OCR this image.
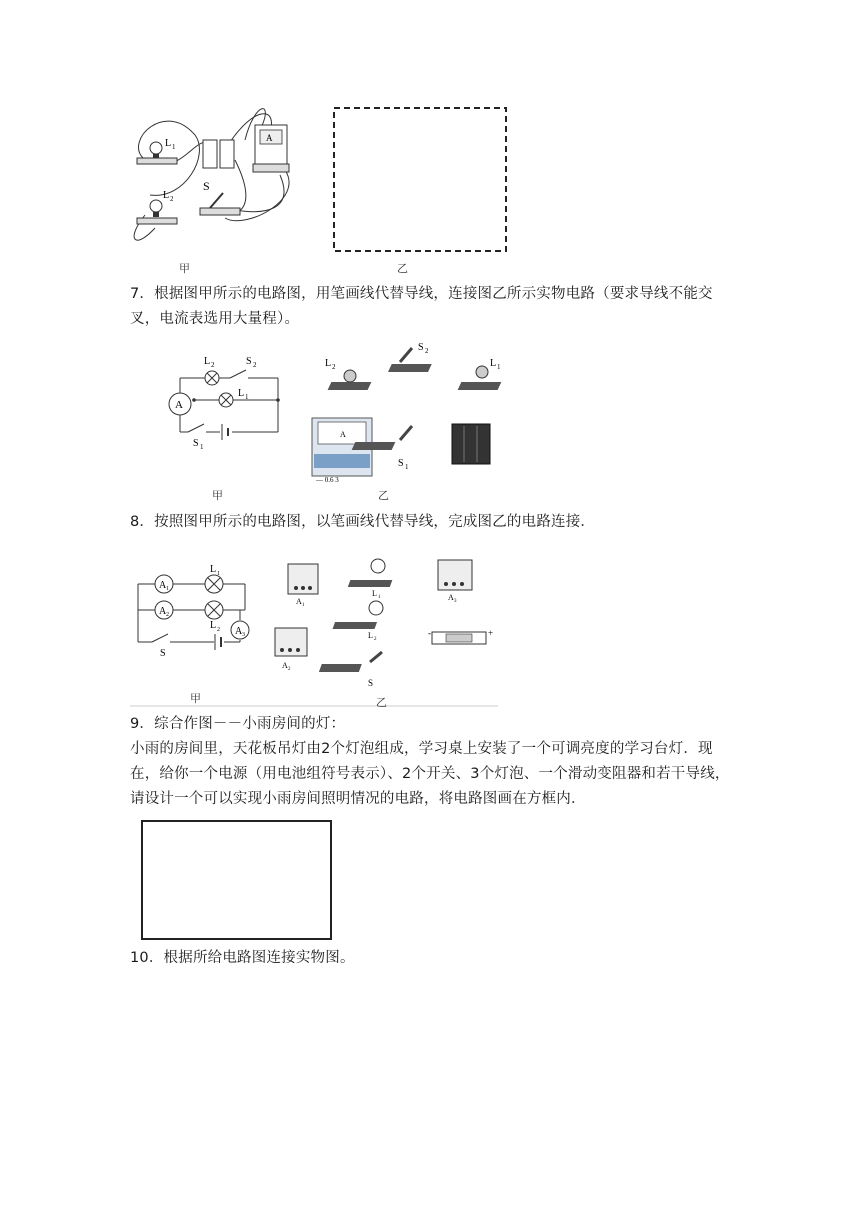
L 1
L 2
S
A
甲	乙
7．根据图甲所示的电路图，用笔画线代替导线，连接图乙所示实物电路（要求导线不能交叉，电流表选用大量程）。
A
L 2	S 2
L 1
S 1
L 2
S 2
L 1
A
— 0.6 3
S 1
甲	乙
8．按照图甲所示的电路图，以笔画线代替导线，完成图乙的电路连接．
A 1
A 2
A 3
L 1
L 2
S
A 1
L 1	A 3
L 2
-	+
A 2
S
甲	乙
9．综合作图－－小雨房间的灯：
小雨的房间里，天花板吊灯由2个灯泡组成，学习桌上安装了一个可调亮度的学习台灯．现在，给你一个电源（用电池组符号表示）、2个开关、3个灯泡、一个滑动变阻器和若干导线，请设计一个可以实现小雨房间照明情况的电路，将电路图画在方框内．
10．根据所给电路图连接实物图。
